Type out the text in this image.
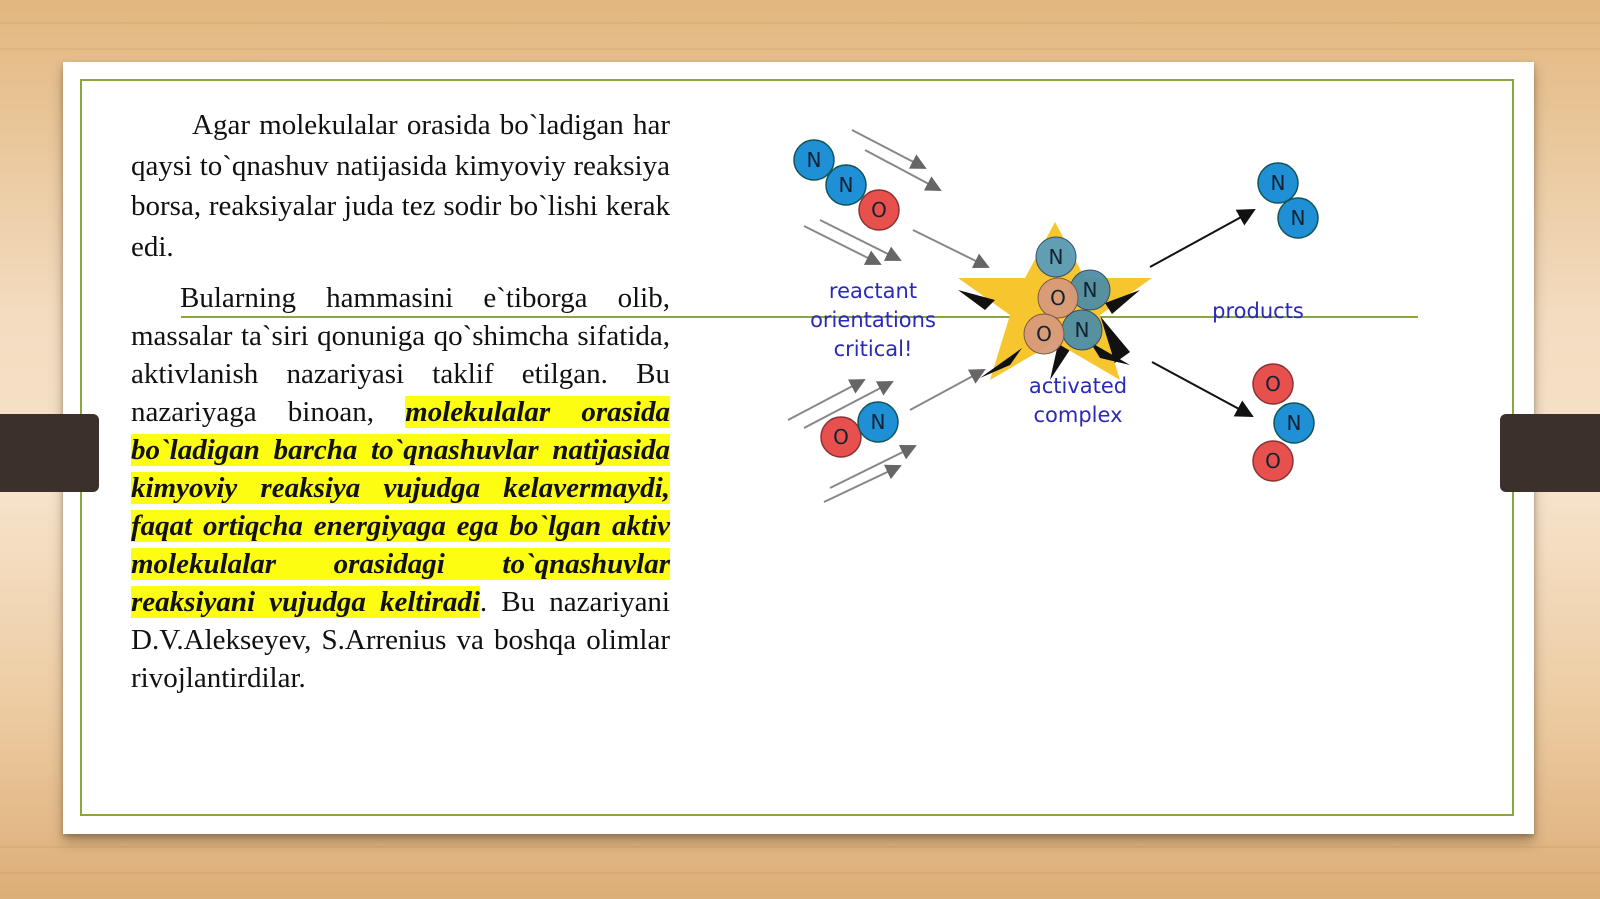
Agar molekulalar orasida bo`ladigan har qaysi to`qnashuv natijasida kimyoviy reaksiya borsa, reaksiyalar juda tez sodir bo`lishi kerak edi.

Bularning hammasini e`tiborga olib, massalar ta`siri qonuniga qo`shimcha sifatida, aktivlanish nazariyasi taklif etilgan. Bu nazariyaga binoan, molekulalar orasida bo`ladigan barcha to`qnashuvlar natijasida kimyoviy reaksiya vujudga kelavermaydi, faqat ortiqcha energiyaga ega bo`lgan aktiv molekulalar orasidagi to`qnashuvlar reaksiyani vujudga keltiradi. Bu nazariyani D.V.Alekseyev, S.Arrenius va boshqa olimlar rivojlantirdilar.

N
N
O
O
N
reactant
orientations
critical!
N
N
O
N
O
activated
complex
products
N
N
O
N
O
